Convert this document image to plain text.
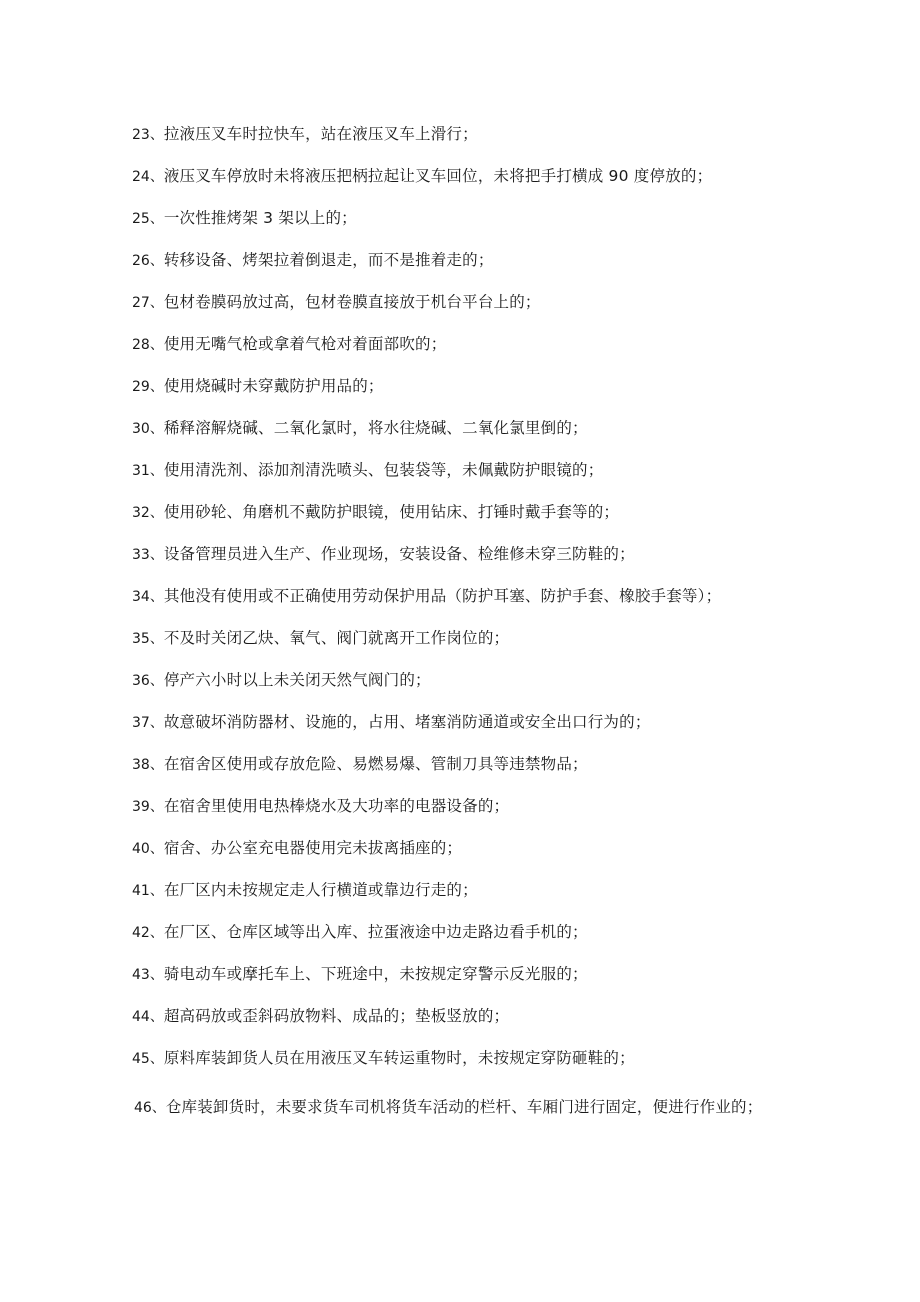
23、拉液压叉车时拉快车，站在液压叉车上滑行；
24、液压叉车停放时未将液压把柄拉起让叉车回位，未将把手打横成 90 度停放的；
25、一次性推烤架 3 架以上的；
26、转移设备、烤架拉着倒退走，而不是推着走的；
27、包材卷膜码放过高，包材卷膜直接放于机台平台上的；
28、使用无嘴气枪或拿着气枪对着面部吹的；
29、使用烧碱时未穿戴防护用品的；
30、稀释溶解烧碱、二氧化氯时，将水往烧碱、二氧化氯里倒的；
31、使用清洗剂、添加剂清洗喷头、包装袋等，未佩戴防护眼镜的；
32、使用砂轮、角磨机不戴防护眼镜，使用钻床、打锤时戴手套等的；
33、设备管理员进入生产、作业现场，安装设备、检维修未穿三防鞋的；
34、其他没有使用或不正确使用劳动保护用品（防护耳塞、防护手套、橡胶手套等）；
35、不及时关闭乙炔、氧气、阀门就离开工作岗位的；
36、停产六小时以上未关闭天然气阀门的；
37、故意破坏消防器材、设施的，占用、堵塞消防通道或安全出口行为的；
38、在宿舍区使用或存放危险、易燃易爆、管制刀具等违禁物品；
39、在宿舍里使用电热棒烧水及大功率的电器设备的；
40、宿舍、办公室充电器使用完未拔离插座的；
41、在厂区内未按规定走人行横道或靠边行走的；
42、在厂区、仓库区域等出入库、拉蛋液途中边走路边看手机的；
43、骑电动车或摩托车上、下班途中，未按规定穿警示反光服的；
44、超高码放或歪斜码放物料、成品的；垫板竖放的；
45、原料库装卸货人员在用液压叉车转运重物时，未按规定穿防砸鞋的；
46、仓库装卸货时，未要求货车司机将货车活动的栏杆、车厢门进行固定，便进行作业的；
